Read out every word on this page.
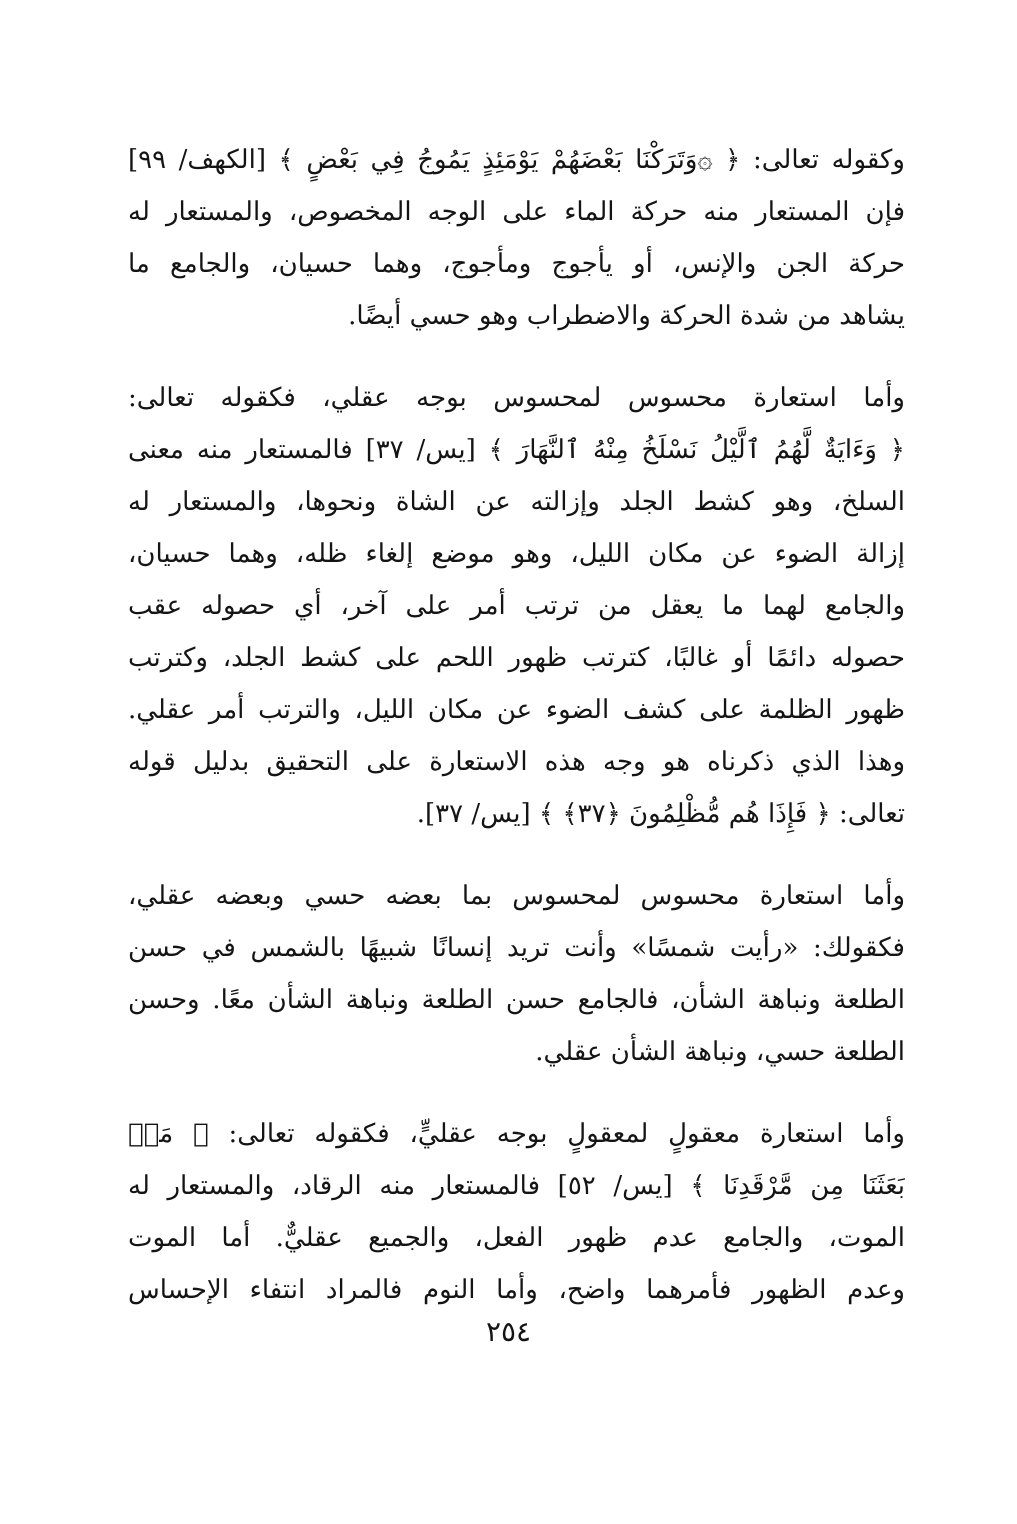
وكقوله تعالى: ﴿ ۞وَتَرَكْنَا بَعْضَهُمْ يَوْمَئِذٍ يَمُوجُ فِي بَعْضٍ ﴾ [الكهف/ ٩٩]
فإن المستعار منه حركة الماء على الوجه المخصوص، والمستعار له
حركة الجن والإنس، أو يأجوج ومأجوج، وهما حسيان، والجامع ما
يشاهد من شدة الحركة والاضطراب وهو حسي أيضًا.
وأما استعارة محسوس لمحسوس بوجه عقلي، فكقوله تعالى:
﴿ وَءَايَةٌ لَّهُمُ ٱلَّيْلُ نَسْلَخُ مِنْهُ ٱلنَّهَارَ ﴾ [يس/ ٣٧] فالمستعار منه معنى
السلخ، وهو كشط الجلد وإزالته عن الشاة ونحوها، والمستعار له
إزالة الضوء عن مكان الليل، وهو موضع إلغاء ظله، وهما حسيان،
والجامع لهما ما يعقل من ترتب أمر على آخر، أي حصوله عقب
حصوله دائمًا أو غالبًا، كترتب ظهور اللحم على كشط الجلد، وكترتب
ظهور الظلمة على كشف الضوء عن مكان الليل، والترتب أمر عقلي.
وهذا الذي ذكرناه هو وجه هذه الاستعارة على التحقيق بدليل قوله
تعالى: ﴿ فَإِذَا هُم مُّظْلِمُونَ ﴿٣٧﴾ ﴾ [يس/ ٣٧].
وأما استعارة محسوس لمحسوس بما بعضه حسي وبعضه عقلي،
فكقولك: «رأيت شمسًا» وأنت تريد إنسانًا شبيهًا بالشمس في حسن
الطلعة ونباهة الشأن، فالجامع حسن الطلعة ونباهة الشأن معًا. وحسن
الطلعة حسي، ونباهة الشأن عقلي.
وأما استعارة معقولٍ لمعقولٍ بوجه عقليٍّ، فكقوله تعالى: ﴿ مَنۢ
بَعَثَنَا مِن مَّرْقَدِنَا ﴾ [يس/ ٥٢] فالمستعار منه الرقاد، والمستعار له
الموت، والجامع عدم ظهور الفعل، والجميع عقليٌّ. أما الموت
وعدم الظهور فأمرهما واضح، وأما النوم فالمراد انتفاء الإحساس
٢٥٤
